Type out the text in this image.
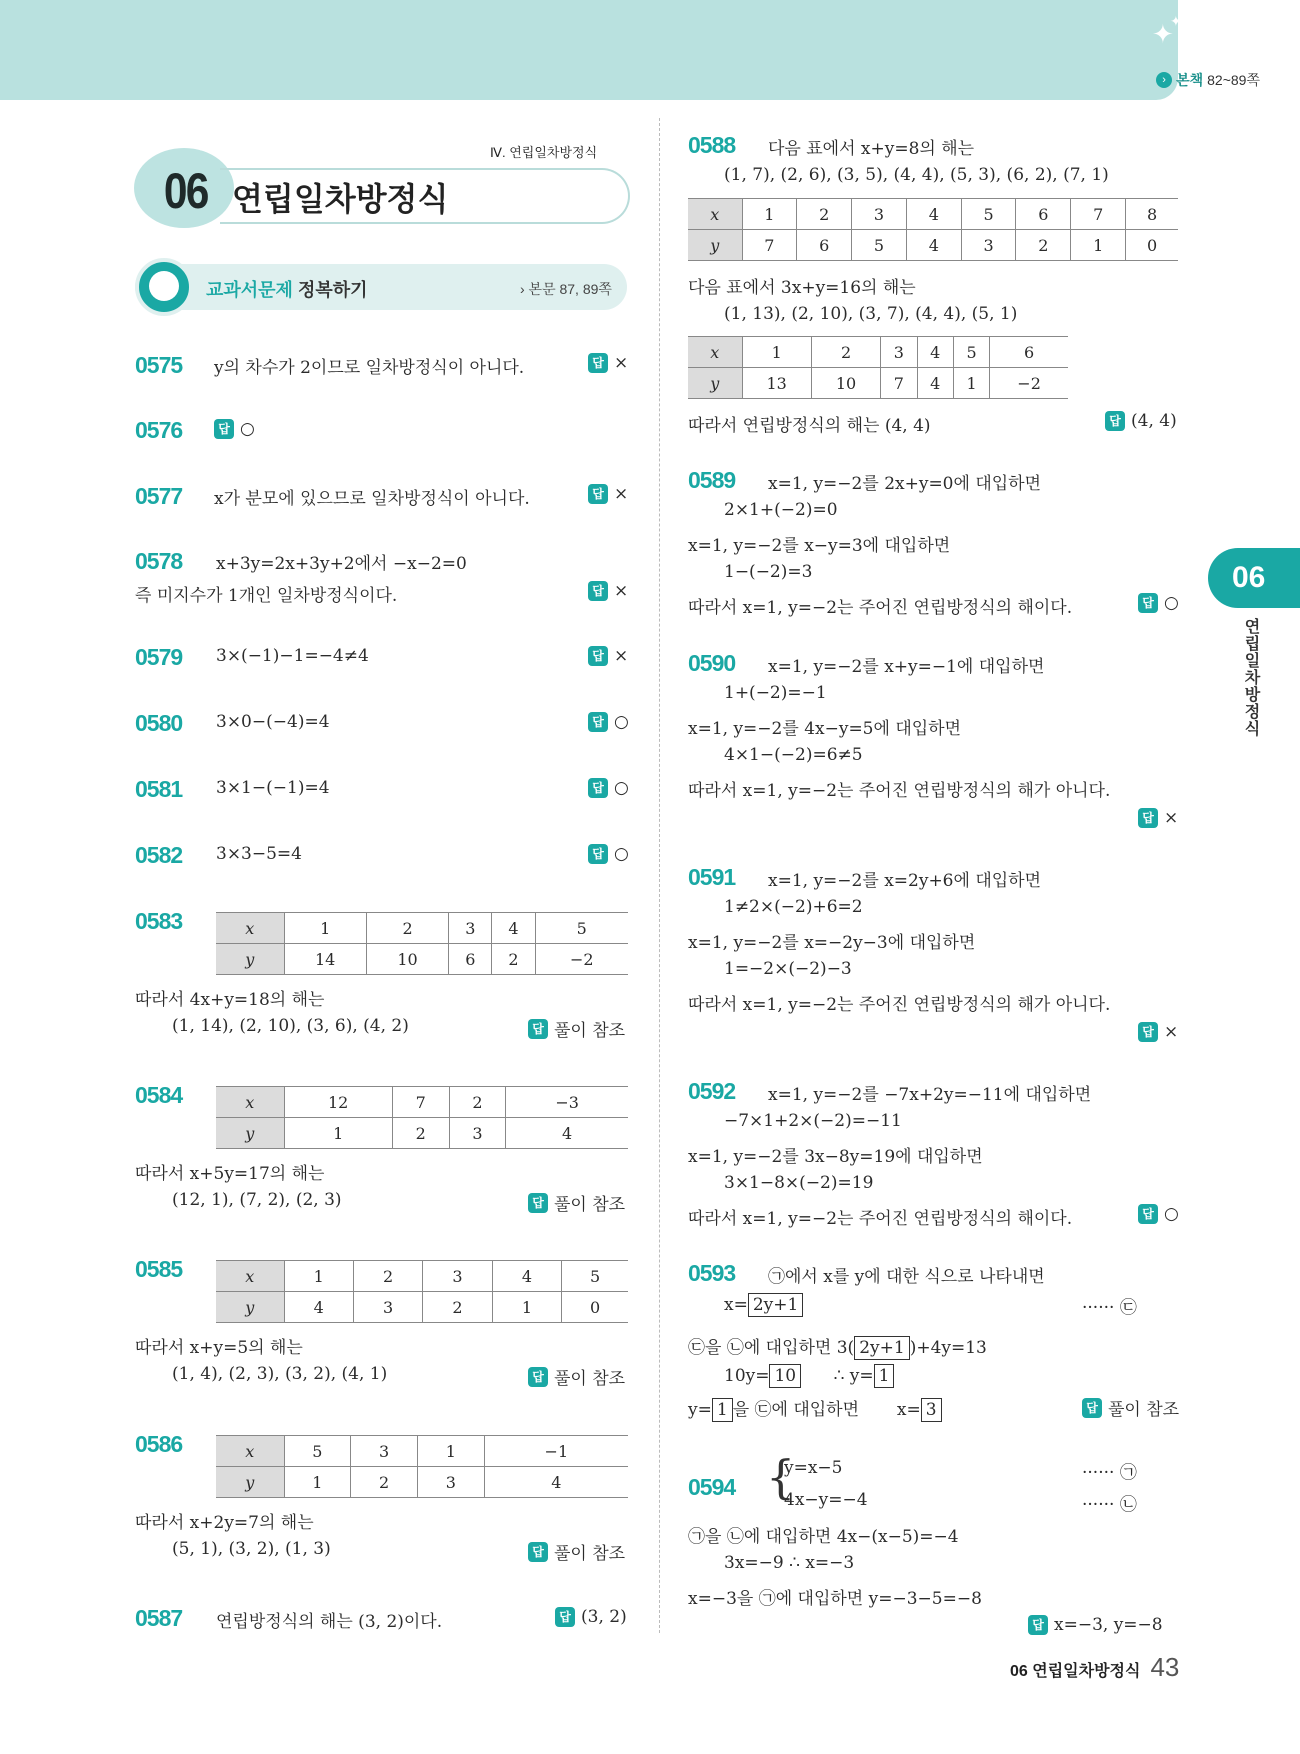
✦
✦
› 본책 82~89쪽
06
연립일차방정식
Ⅳ. 연립일차방정식
06 연립일차방정식
✦
✦
교과서문제 정복하기	› 본문 87, 89쪽
0575 y의 차수가 2이므로 일차방정식이 아니다.	답 ×
0576	답 ○
0577 x가 분모에 있으므로 일차방정식이 아니다.	답 ×
0578 x+3y=2x+3y+2에서 −x−2=0
즉 미지수가 1개인 일차방정식이다.	답 ×
0579 3×(−1)−1=−4≠4	답 ×
0580 3×0−(−4)=4	답 ○
0581 3×1−(−1)=4	답 ○
0582 3×3−5=4	답 ○
0583	x	1	2	3	4	5
y	14	10	6	2	−2
따라서 4x+y=18의 해는
(1, 14), (2, 10), (3, 6), (4, 2)	답 풀이 참조
0584	x	12	7	2	−3
y	1	2	3	4
따라서 x+5y=17의 해는
(12, 1), (7, 2), (2, 3)	답 풀이 참조
0585	x	1	2	3	4	5
y	4	3	2	1	0
따라서 x+y=5의 해는
(1, 4), (2, 3), (3, 2), (4, 1)	답 풀이 참조
0586	x	5	3	1	−1
y	1	2	3	4
따라서 x+2y=7의 해는
(5, 1), (3, 2), (1, 3)	답 풀이 참조
0587 연립방정식의 해는 (3, 2)이다.	답 (3, 2)
0588 다음 표에서 x+y=8의 해는
(1, 7), (2, 6), (3, 5), (4, 4), (5, 3), (6, 2), (7, 1)
x	1	2	3	4	5	6	7	8
y	7	6	5	4	3	2	1	0
다음 표에서 3x+y=16의 해는
(1, 13), (2, 10), (3, 7), (4, 4), (5, 1)
x	1	2	3	4	5	6
y	13	10	7	4	1	−2
따라서 연립방정식의 해는 (4, 4)	답 (4, 4)
0589 x=1, y=−2를 2x+y=0에 대입하면
2×1+(−2)=0
x=1, y=−2를 x−y=3에 대입하면
1−(−2)=3
따라서 x=1, y=−2는 주어진 연립방정식의 해이다.	답 ○
0590 x=1, y=−2를 x+y=−1에 대입하면
1+(−2)=−1
x=1, y=−2를 4x−y=5에 대입하면
4×1−(−2)=6≠5
따라서 x=1, y=−2는 주어진 연립방정식의 해가 아니다.
답 ×
0591 x=1, y=−2를 x=2y+6에 대입하면
1≠2×(−2)+6=2
x=1, y=−2를 x=−2y−3에 대입하면
1=−2×(−2)−3
따라서 x=1, y=−2는 주어진 연립방정식의 해가 아니다.
답 ×
0592 x=1, y=−2를 −7x+2y=−11에 대입하면
−7×1+2×(−2)=−11
x=1, y=−2를 3x−8y=19에 대입하면
3×1−8×(−2)=19
따라서 x=1, y=−2는 주어진 연립방정식의 해이다.	답 ○
0593 ㉠에서 x를 y에 대한 식으로 나타내면
x= 2y+1	······ ㉢
㉢을 ㉡에 대입하면 3( 2y+1 )+4y=13
10y= 10 ∴ y= 1
y= 1 을 ㉢에 대입하면 x= 3	답 풀이 참조
0594 {
y=x−5
4x−y=−4
······ ㉠
······ ㉡
㉠을 ㉡에 대입하면 4x−(x−5)=−4
3x=−9 ∴ x=−3
x=−3을 ㉠에 대입하면 y=−3−5=−8
답 x=−3, y=−8
06 연립일차방정식 43
